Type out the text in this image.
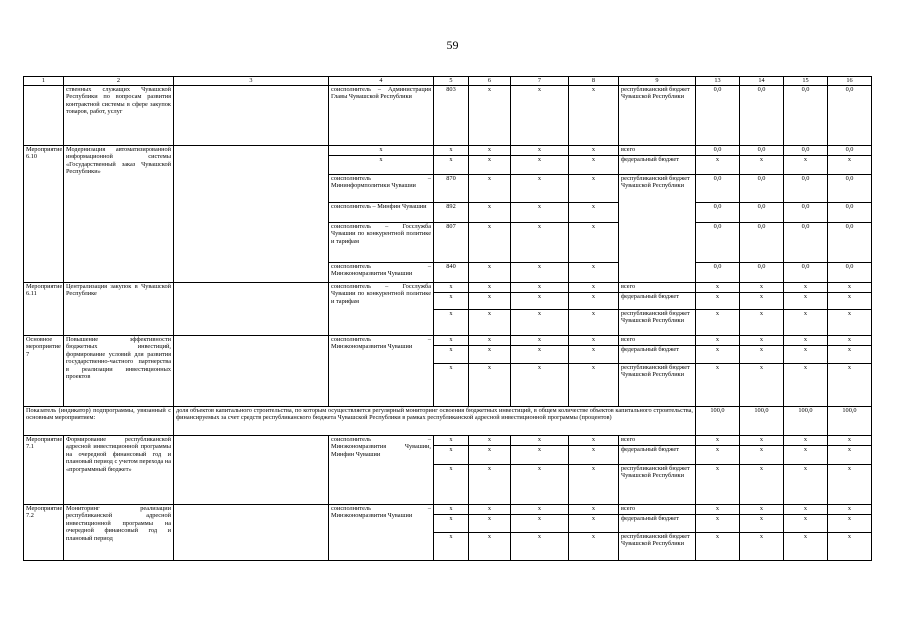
59
1	2	3	4	5	6	7	8	9	13	14	15	16
	ственных служащих Чувашской Республики по вопросам развития контрактной системы в сфере закупок товаров, работ, услуг		соисполнитель – Администрация Главы Чувашской Республики	803	x	x	x	республиканский бюджет Чувашской Республики	0,0	0,0	0,0	0,0
Мероприятие 6.10	Модернизация автоматизированной информационной системы «Государственный заказ Чувашской Республики»		x	x	x	x	x	всего	0,0	0,0	0,0	0,0
			x	x	x	x	x	федеральный бюджет	x	x	x	x
			соисполнитель – Мининформполитики Чувашии	870	x	x	x	республиканский бюджет Чувашской Республики	0,0	0,0	0,0	0,0
			соисполнитель – Минфин Чувашии	892	x	x	x		0,0	0,0	0,0	0,0
			соисполнитель – Госслужба Чувашии по конкурентной политике и тарифам	807	x	x	x		0,0	0,0	0,0	0,0
			соисполнитель – Минэкономразвития Чувашии	840	x	x	x		0,0	0,0	0,0	0,0
Мероприятие 6.11	Централизация закупок в Чувашской Республике		соисполнитель – Госслужба Чувашии по конкурентной политике и тарифам	x	x	x	x	всего	x	x	x	x
				x	x	x	x	федеральный бюджет	x	x	x	x
				x	x	x	x	республиканский бюджет Чувашской Республики	x	x	x	x
Основное мероприятие 7	Повышение эффективности бюджетных инвестиций, формирование условий для развития государственно-частного партнерства в реализации инвестиционных проектов		соисполнитель – Минэкономразвития Чувашии	x	x	x	x	всего	x	x	x	x
				x	x	x	x	федеральный бюджет	x	x	x	x
				x	x	x	x	республиканский бюджет Чувашской Республики	x	x	x	x
Показатель (индикатор) подпрограммы, увязанный с основным мероприятием:		доля объектов капитального строительства, по которым осуществляется регулярный мониторинг освоения бюджетных инвестиций, в общем количестве объектов капитального строительства, финансируемых за счет средств республиканского бюджета Чувашской Республики в рамках республиканской адресной инвестиционной программы (процентов)							100,0	100,0	100,0	100,0
Мероприятие 7.1	Формирование республиканской адресной инвестиционной программы на очередной финансовый год и плановый период с учетом перехода на «программный бюджет»		соисполнитель – Минэкономразвития Чувашии, Минфин Чувашии	x	x	x	x	всего	x	x	x	x
				x	x	x	x	федеральный бюджет	x	x	x	x
				x	x	x	x	республиканский бюджет Чувашской Республики	x	x	x	x
Мероприятие 7.2	Мониторинг реализации республиканской адресной инвестиционной программы на очередной финансовый год и плановый период		соисполнитель – Минэкономразвития Чувашии	x	x	x	x	всего	x	x	x	x
				x	x	x	x	федеральный бюджет	x	x	x	x
				x	x	x	x	республиканский бюджет Чувашской Республики	x	x	x	x
